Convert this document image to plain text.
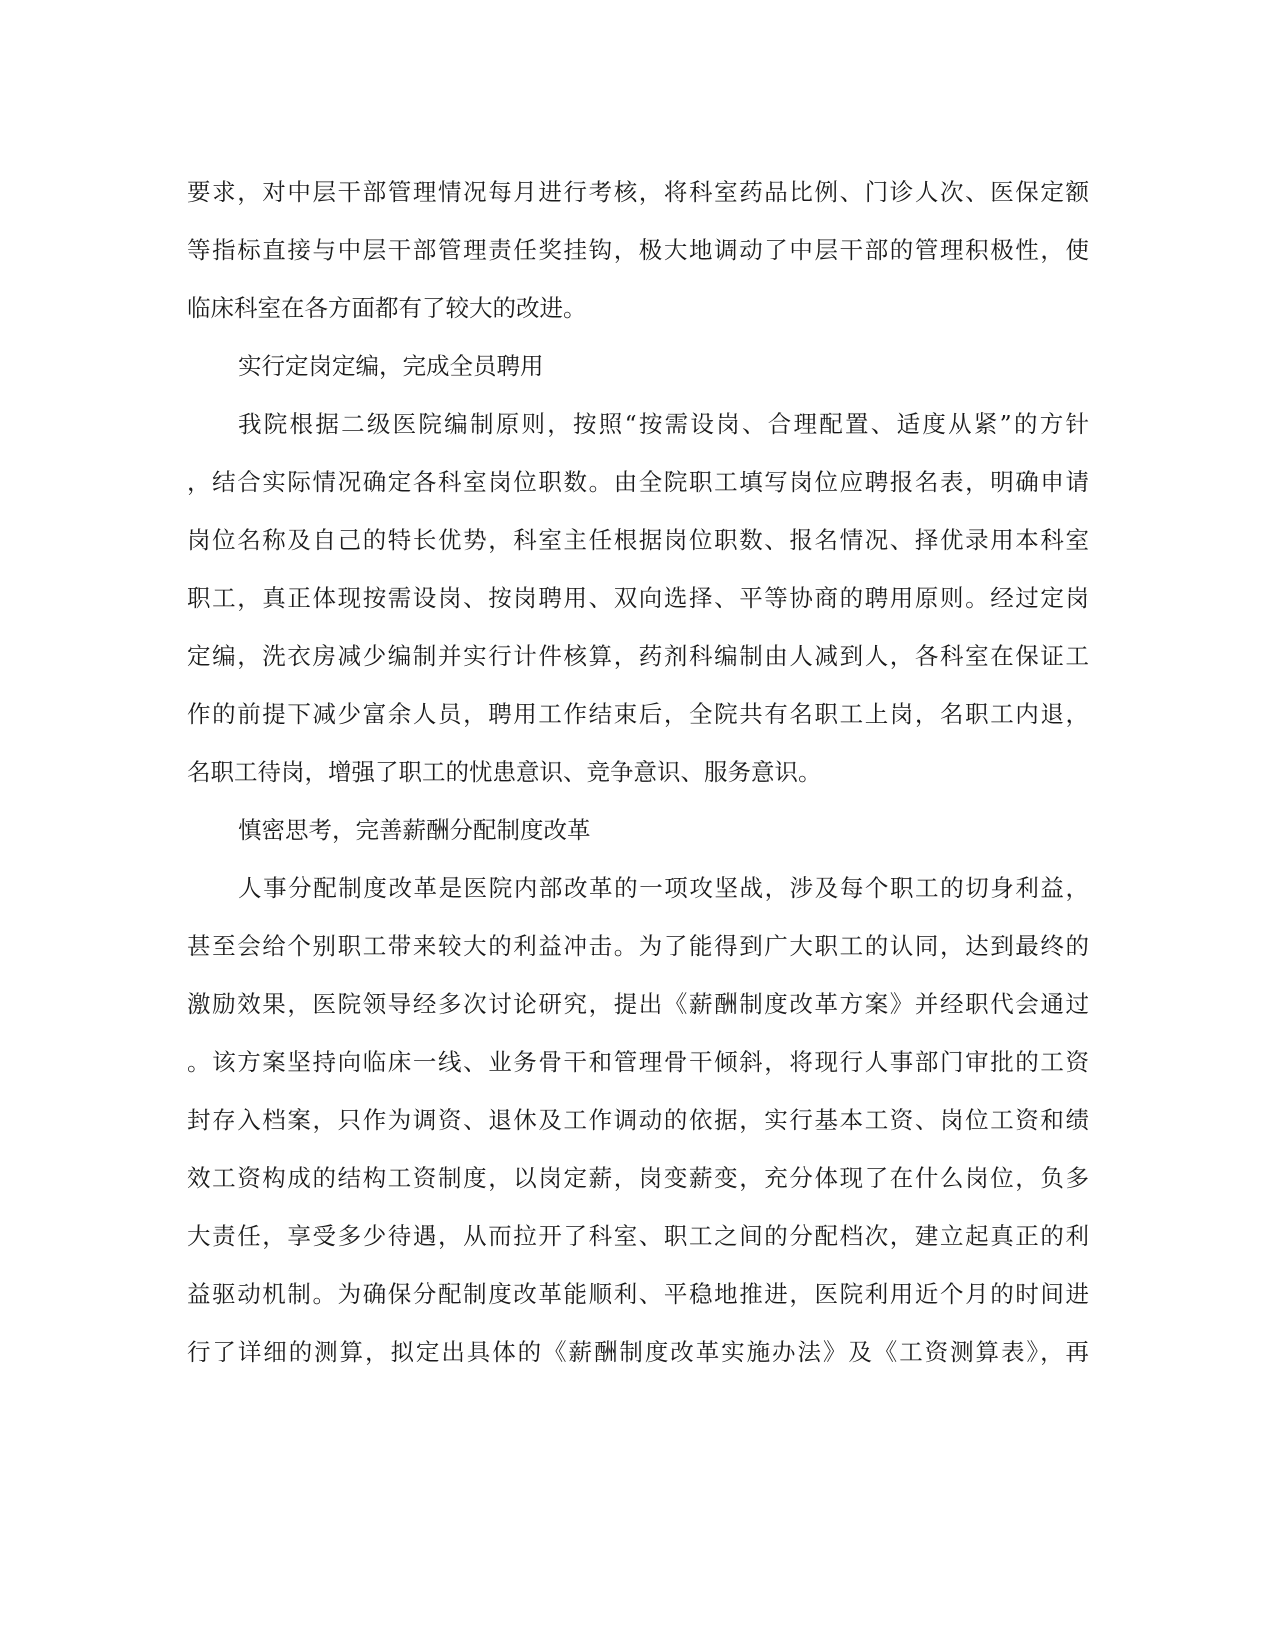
要求，对中层干部管理情况每月进行考核，将科室药品比例、门诊人次、医保定额
等指标直接与中层干部管理责任奖挂钩，极大地调动了中层干部的管理积极性，使
临床科室在各方面都有了较大的改进。
实行定岗定编，完成全员聘用
我院根据二级医院编制原则，按照“按需设岗、合理配置、适度从紧”的方针
，结合实际情况确定各科室岗位职数。由全院职工填写岗位应聘报名表，明确申请
岗位名称及自己的特长优势，科室主任根据岗位职数、报名情况、择优录用本科室
职工，真正体现按需设岗、按岗聘用、双向选择、平等协商的聘用原则。经过定岗
定编，洗衣房减少编制并实行计件核算，药剂科编制由人减到人，各科室在保证工
作的前提下减少富余人员，聘用工作结束后，全院共有名职工上岗，名职工内退，
名职工待岗，增强了职工的忧患意识、竞争意识、服务意识。
慎密思考，完善薪酬分配制度改革
人事分配制度改革是医院内部改革的一项攻坚战，涉及每个职工的切身利益，
甚至会给个别职工带来较大的利益冲击。为了能得到广大职工的认同，达到最终的
激励效果，医院领导经多次讨论研究，提出《薪酬制度改革方案》并经职代会通过
。该方案坚持向临床一线、业务骨干和管理骨干倾斜，将现行人事部门审批的工资
封存入档案，只作为调资、退休及工作调动的依据，实行基本工资、岗位工资和绩
效工资构成的结构工资制度，以岗定薪，岗变薪变，充分体现了在什么岗位，负多
大责任，享受多少待遇，从而拉开了科室、职工之间的分配档次，建立起真正的利
益驱动机制。为确保分配制度改革能顺利、平稳地推进，医院利用近个月的时间进
行了详细的测算，拟定出具体的《薪酬制度改革实施办法》及《工资测算表》，再
